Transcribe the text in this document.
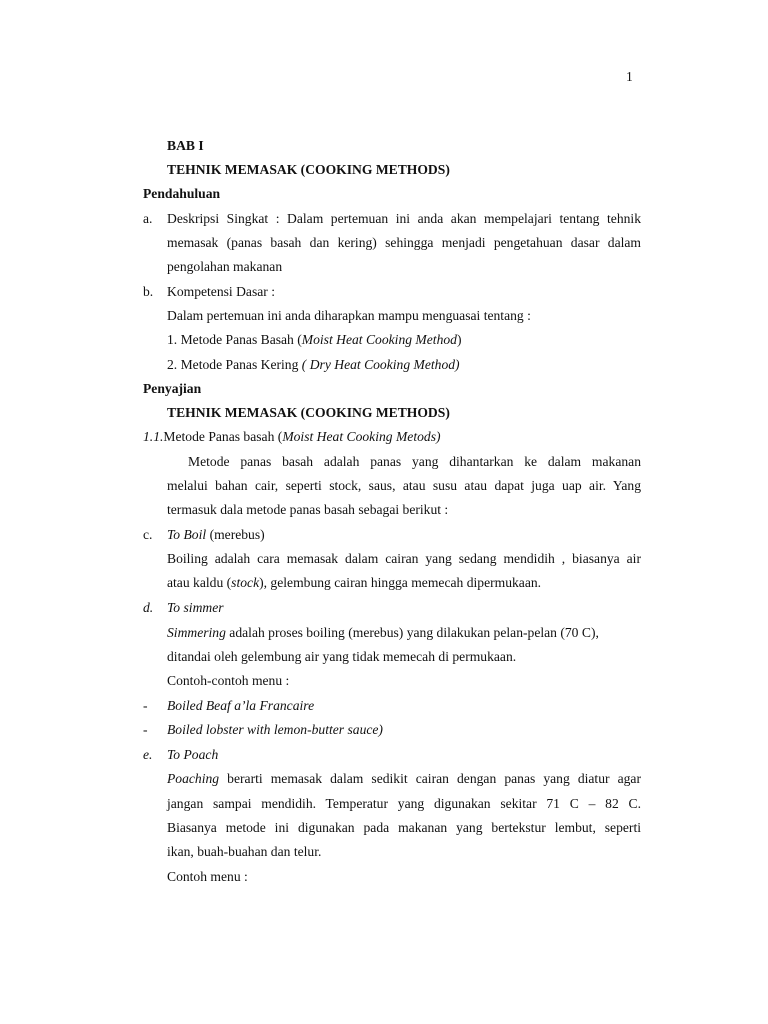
1
BAB I
TEHNIK MEMASAK (COOKING METHODS)
Pendahuluan
a. Deskripsi Singkat : Dalam pertemuan ini anda akan mempelajari tentang tehnik
memasak (panas basah dan kering) sehingga menjadi pengetahuan dasar dalam
pengolahan makanan
b. Kompetensi Dasar :
Dalam pertemuan ini anda diharapkan mampu menguasai tentang :
1. Metode Panas Basah (Moist Heat Cooking Method)
2. Metode Panas Kering ( Dry Heat Cooking Method)
Penyajian
TEHNIK MEMASAK (COOKING METHODS)
1.1.Metode Panas basah (Moist Heat Cooking Metods)
Metode panas basah adalah panas yang dihantarkan ke dalam makanan
melalui bahan cair, seperti stock, saus, atau susu atau dapat juga uap air. Yang
termasuk dala metode panas basah sebagai berikut :
c. To Boil (merebus)
Boiling adalah cara memasak dalam cairan yang sedang mendidih , biasanya air
atau kaldu (stock), gelembung cairan hingga memecah dipermukaan.
d. To simmer
Simmering adalah proses boiling (merebus) yang dilakukan pelan-pelan (70 C),
ditandai oleh gelembung air yang tidak memecah di permukaan.
Contoh-contoh menu :
- Boiled Beaf a’la Francaire
- Boiled lobster with lemon-butter sauce)
e. To Poach
Poaching berarti memasak dalam sedikit cairan dengan panas yang diatur agar
jangan sampai mendidih. Temperatur yang digunakan sekitar 71 C – 82 C.
Biasanya metode ini digunakan pada makanan yang bertekstur lembut, seperti
ikan, buah-buahan dan telur.
Contoh menu :
